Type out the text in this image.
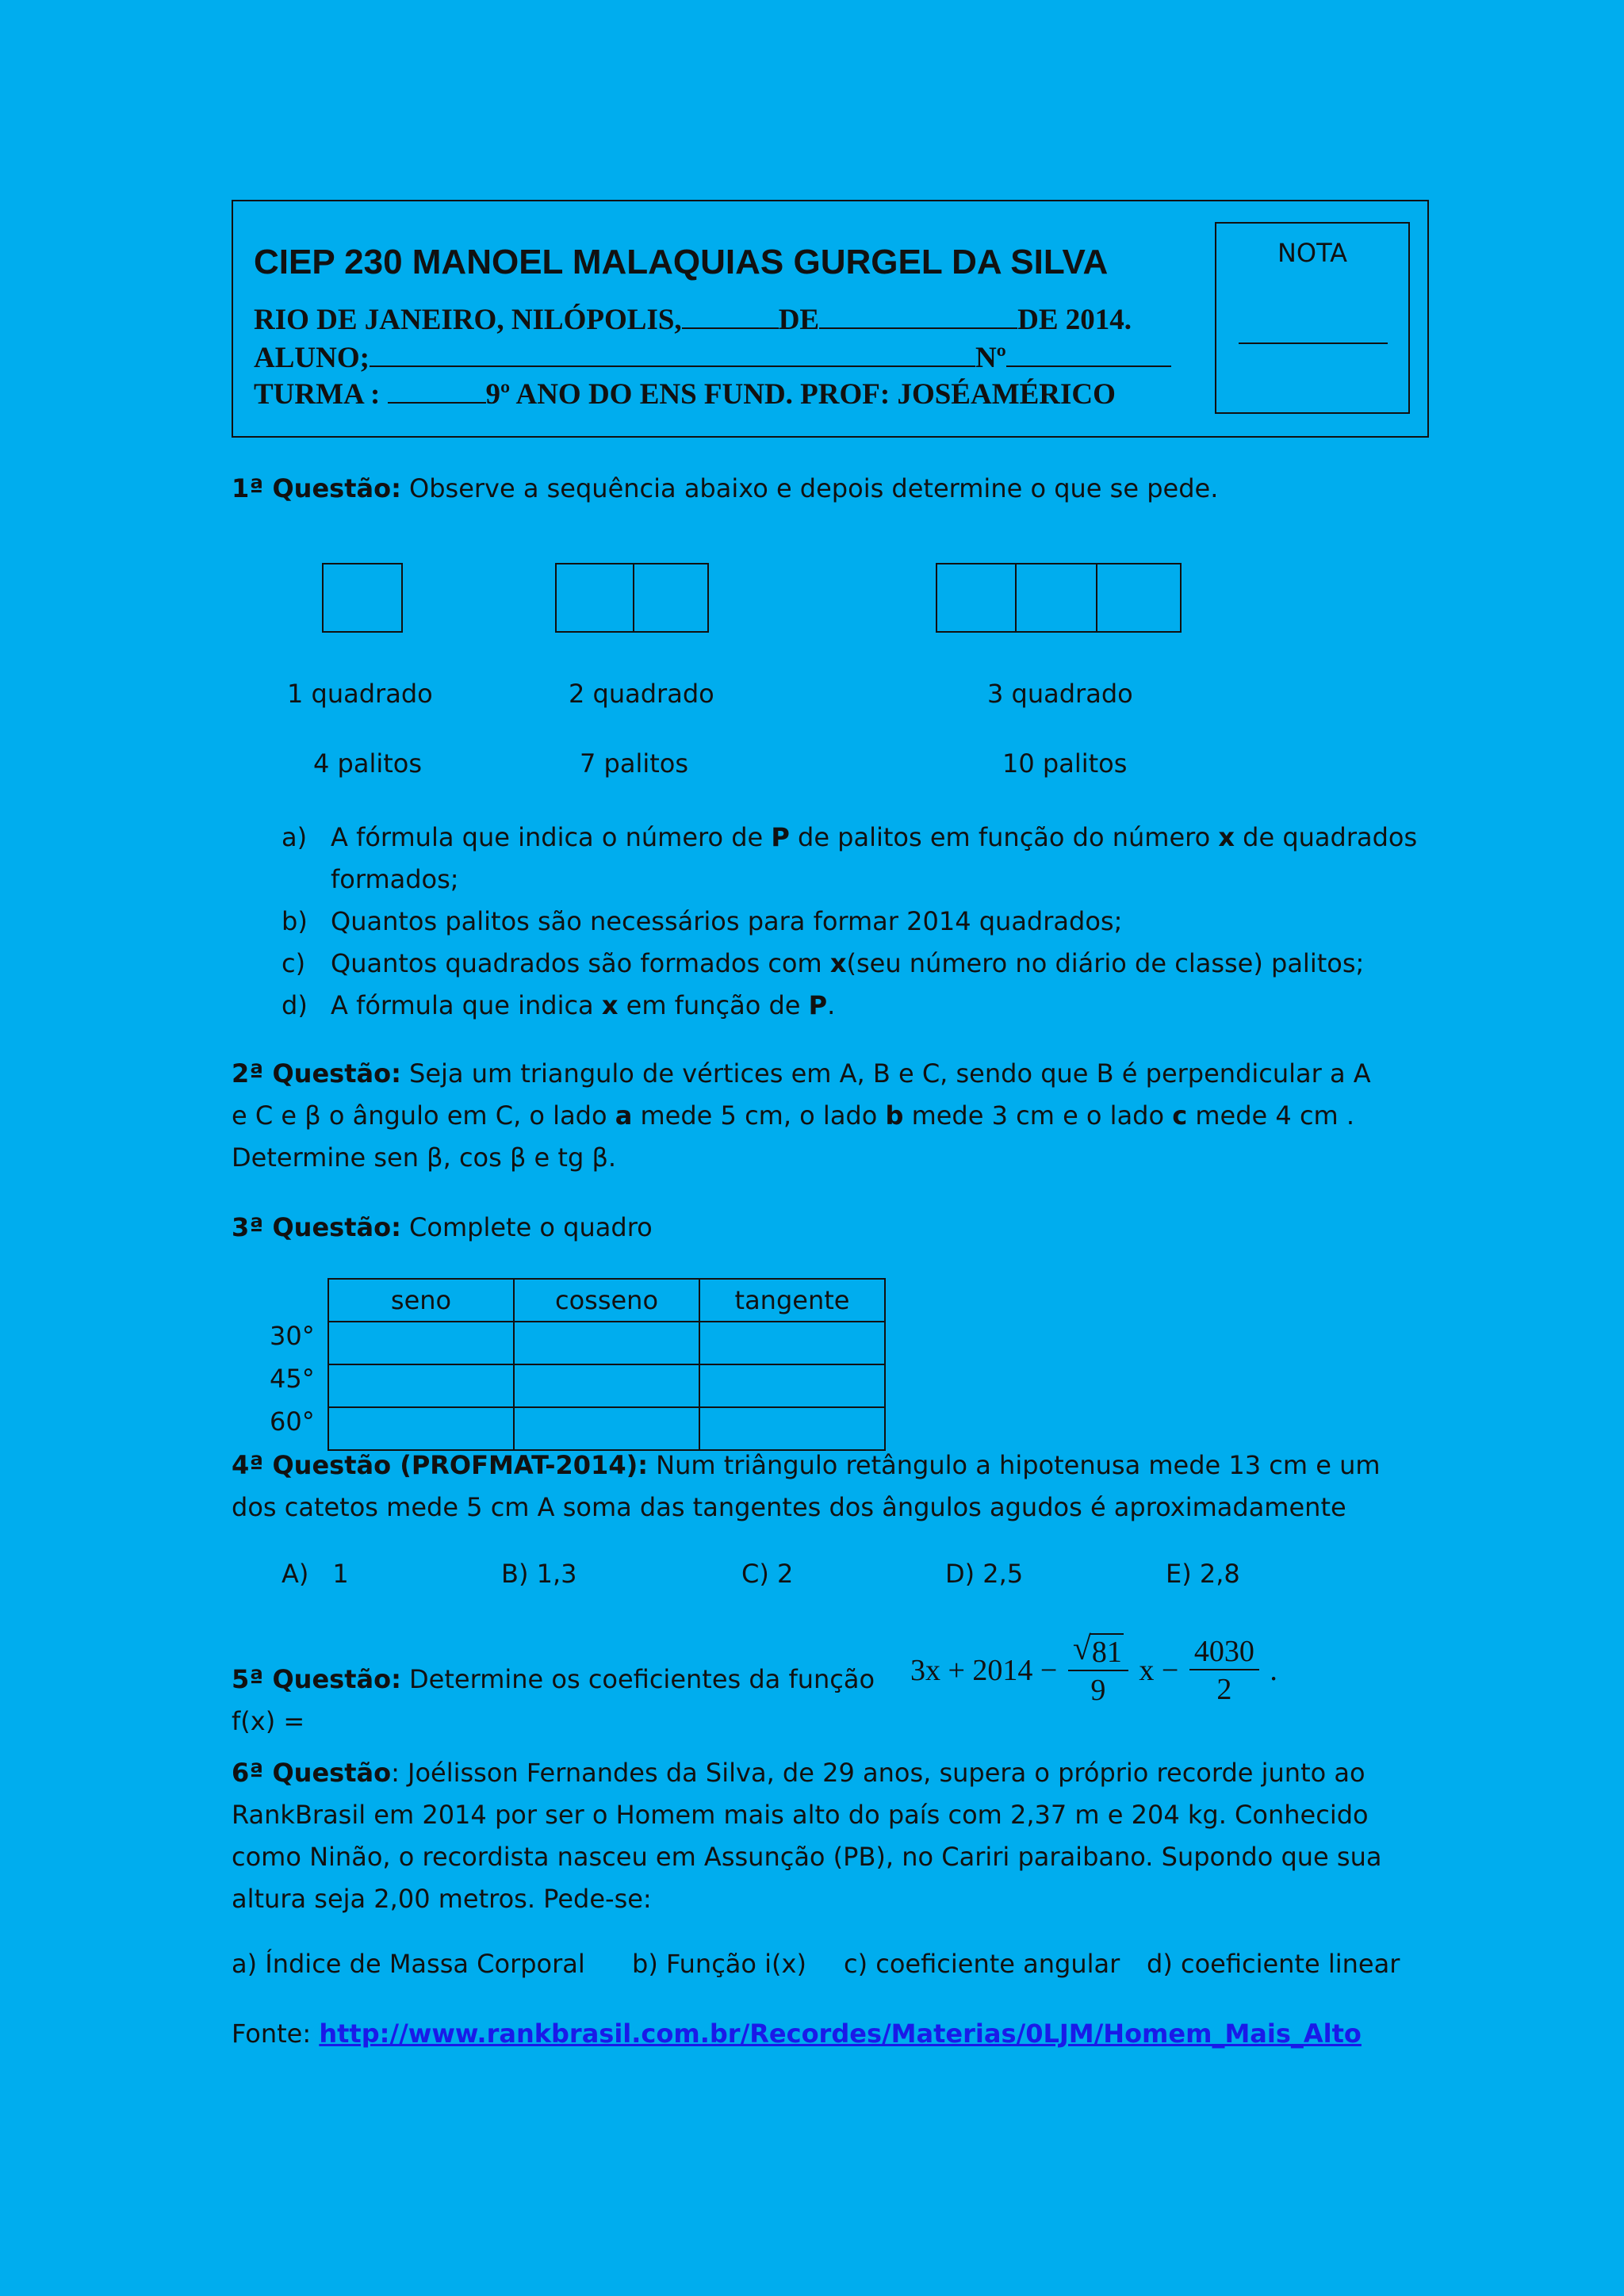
CIEP 230 MANOEL MALAQUIAS GURGEL DA SILVA
RIO DE JANEIRO, NILÓPOLIS,	DE	DE 2014.
ALUNO;	Nº
TURMA :	9º ANO DO ENS FUND. PROF: JOSÉAMÉRICO
NOTA
1ª Questão: Observe a sequência abaixo e depois determine o que se pede.
1 quadrado	2 quadrado	3 quadrado
4 palitos	7 palitos	10 palitos
a) A fórmula que indica o número de P de palitos em função do número x de quadrados formados;
b) Quantos palitos são necessários para formar 2014 quadrados;
c) Quantos quadrados são formados com x(seu número no diário de classe) palitos;
d) A fórmula que indica x em função de P.
2ª Questão: Seja um triangulo de vértices em A, B e C, sendo que B é perpendicular a A e C e β o ângulo em C, o lado a mede 5 cm, o lado b mede 3 cm e o lado c mede 4 cm . Determine sen β, cos β e tg β.
3ª Questão: Complete o quadro
seno	cosseno	tangente

30°
45°
60°
4ª Questão (PROFMAT-2014): Num triângulo retângulo a hipotenusa mede 13 cm e um dos catetos mede 5 cm A soma das tangentes dos ângulos agudos é aproximadamente
A) 1	B) 1,3	C) 2	D) 2,5	E) 2,8
5ª Questão: Determine os coeficientes da função f(x) =
$3x + 2014 - \frac{√ 81}{9}$ $x - \frac{4030}{2}$ .
6ª Questão: Joélisson Fernandes da Silva, de 29 anos, supera o próprio recorde junto ao RankBrasil em 2014 por ser o Homem mais alto do país com 2,37 m e 204 kg. Conhecido como Ninão, o recordista nasceu em Assunção (PB), no Cariri paraibano. Supondo que sua altura seja 2,00 metros. Pede-se:
a) Índice de Massa Corporal b) Função i(x) c) coeficiente angular d) coeficiente linear
Fonte: http://www.rankbrasil.com.br/Recordes/Materias/0LJM/Homem_Mais_Alto
